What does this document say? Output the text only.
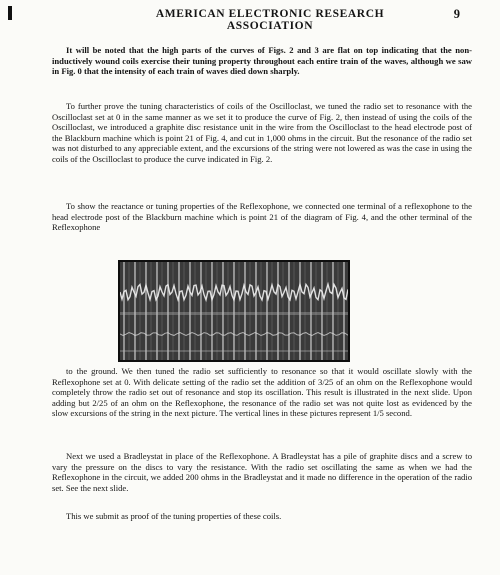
AMERICAN ELECTRONIC RESEARCH ASSOCIATION
9

It will be noted that the high parts of the curves of Figs. 2 and 3 are flat on top indicating that the non-inductively wound coils exercise their tuning property throughout each entire train of the waves, although we saw in Fig. 0 that the intensity of each train of waves died down sharply.

To further prove the tuning characteristics of coils of the Oscilloclast, we tuned the radio set to resonance with the Oscilloclast set at 0 in the same manner as we set it to produce the curve of Fig. 2, then instead of using the coils of the Oscilloclast, we introduced a graphite disc resistance unit in the wire from the Oscilloclast to the head electrode post of the Blackburn machine which is point 21 of Fig. 4, and cut in 1,000 ohms in the circuit. But the resonance of the radio set was not disturbed to any appreciable extent, and the excursions of the string were not lowered as was the case in using the coils of the Oscilloclast to produce the curve indicated in Fig. 2.

To show the reactance or tuning properties of the Reflexophone, we connected one terminal of a reflexophone to the head electrode post of the Blackburn machine which is point 21 of the diagram of Fig. 4, and the other terminal of the Reflexophone

to the ground. We then tuned the radio set sufficiently to resonance so that it would oscillate slowly with the Reflexophone set at 0. With delicate setting of the radio set the addition of 3/25 of an ohm on the Reflexophone would completely throw the radio set out of resonance and stop its oscillation. This result is illustrated in the next slide. Upon adding but 2/25 of an ohm on the Reflexophone, the resonance of the radio set was not quite lost as evidenced by the slow excursions of the string in the next picture. The vertical lines in these pictures represent 1/5 second.

Next we used a Bradleystat in place of the Reflexophone. A Bradleystat has a pile of graphite discs and a screw to vary the pressure on the discs to vary the resistance. With the radio set oscillating the same as when we had the Reflexophone in the circuit, we added 200 ohms in the Bradleystat and it made no difference in the operation of the radio set. See the next slide.

This we submit as proof of the tuning properties of these coils.
